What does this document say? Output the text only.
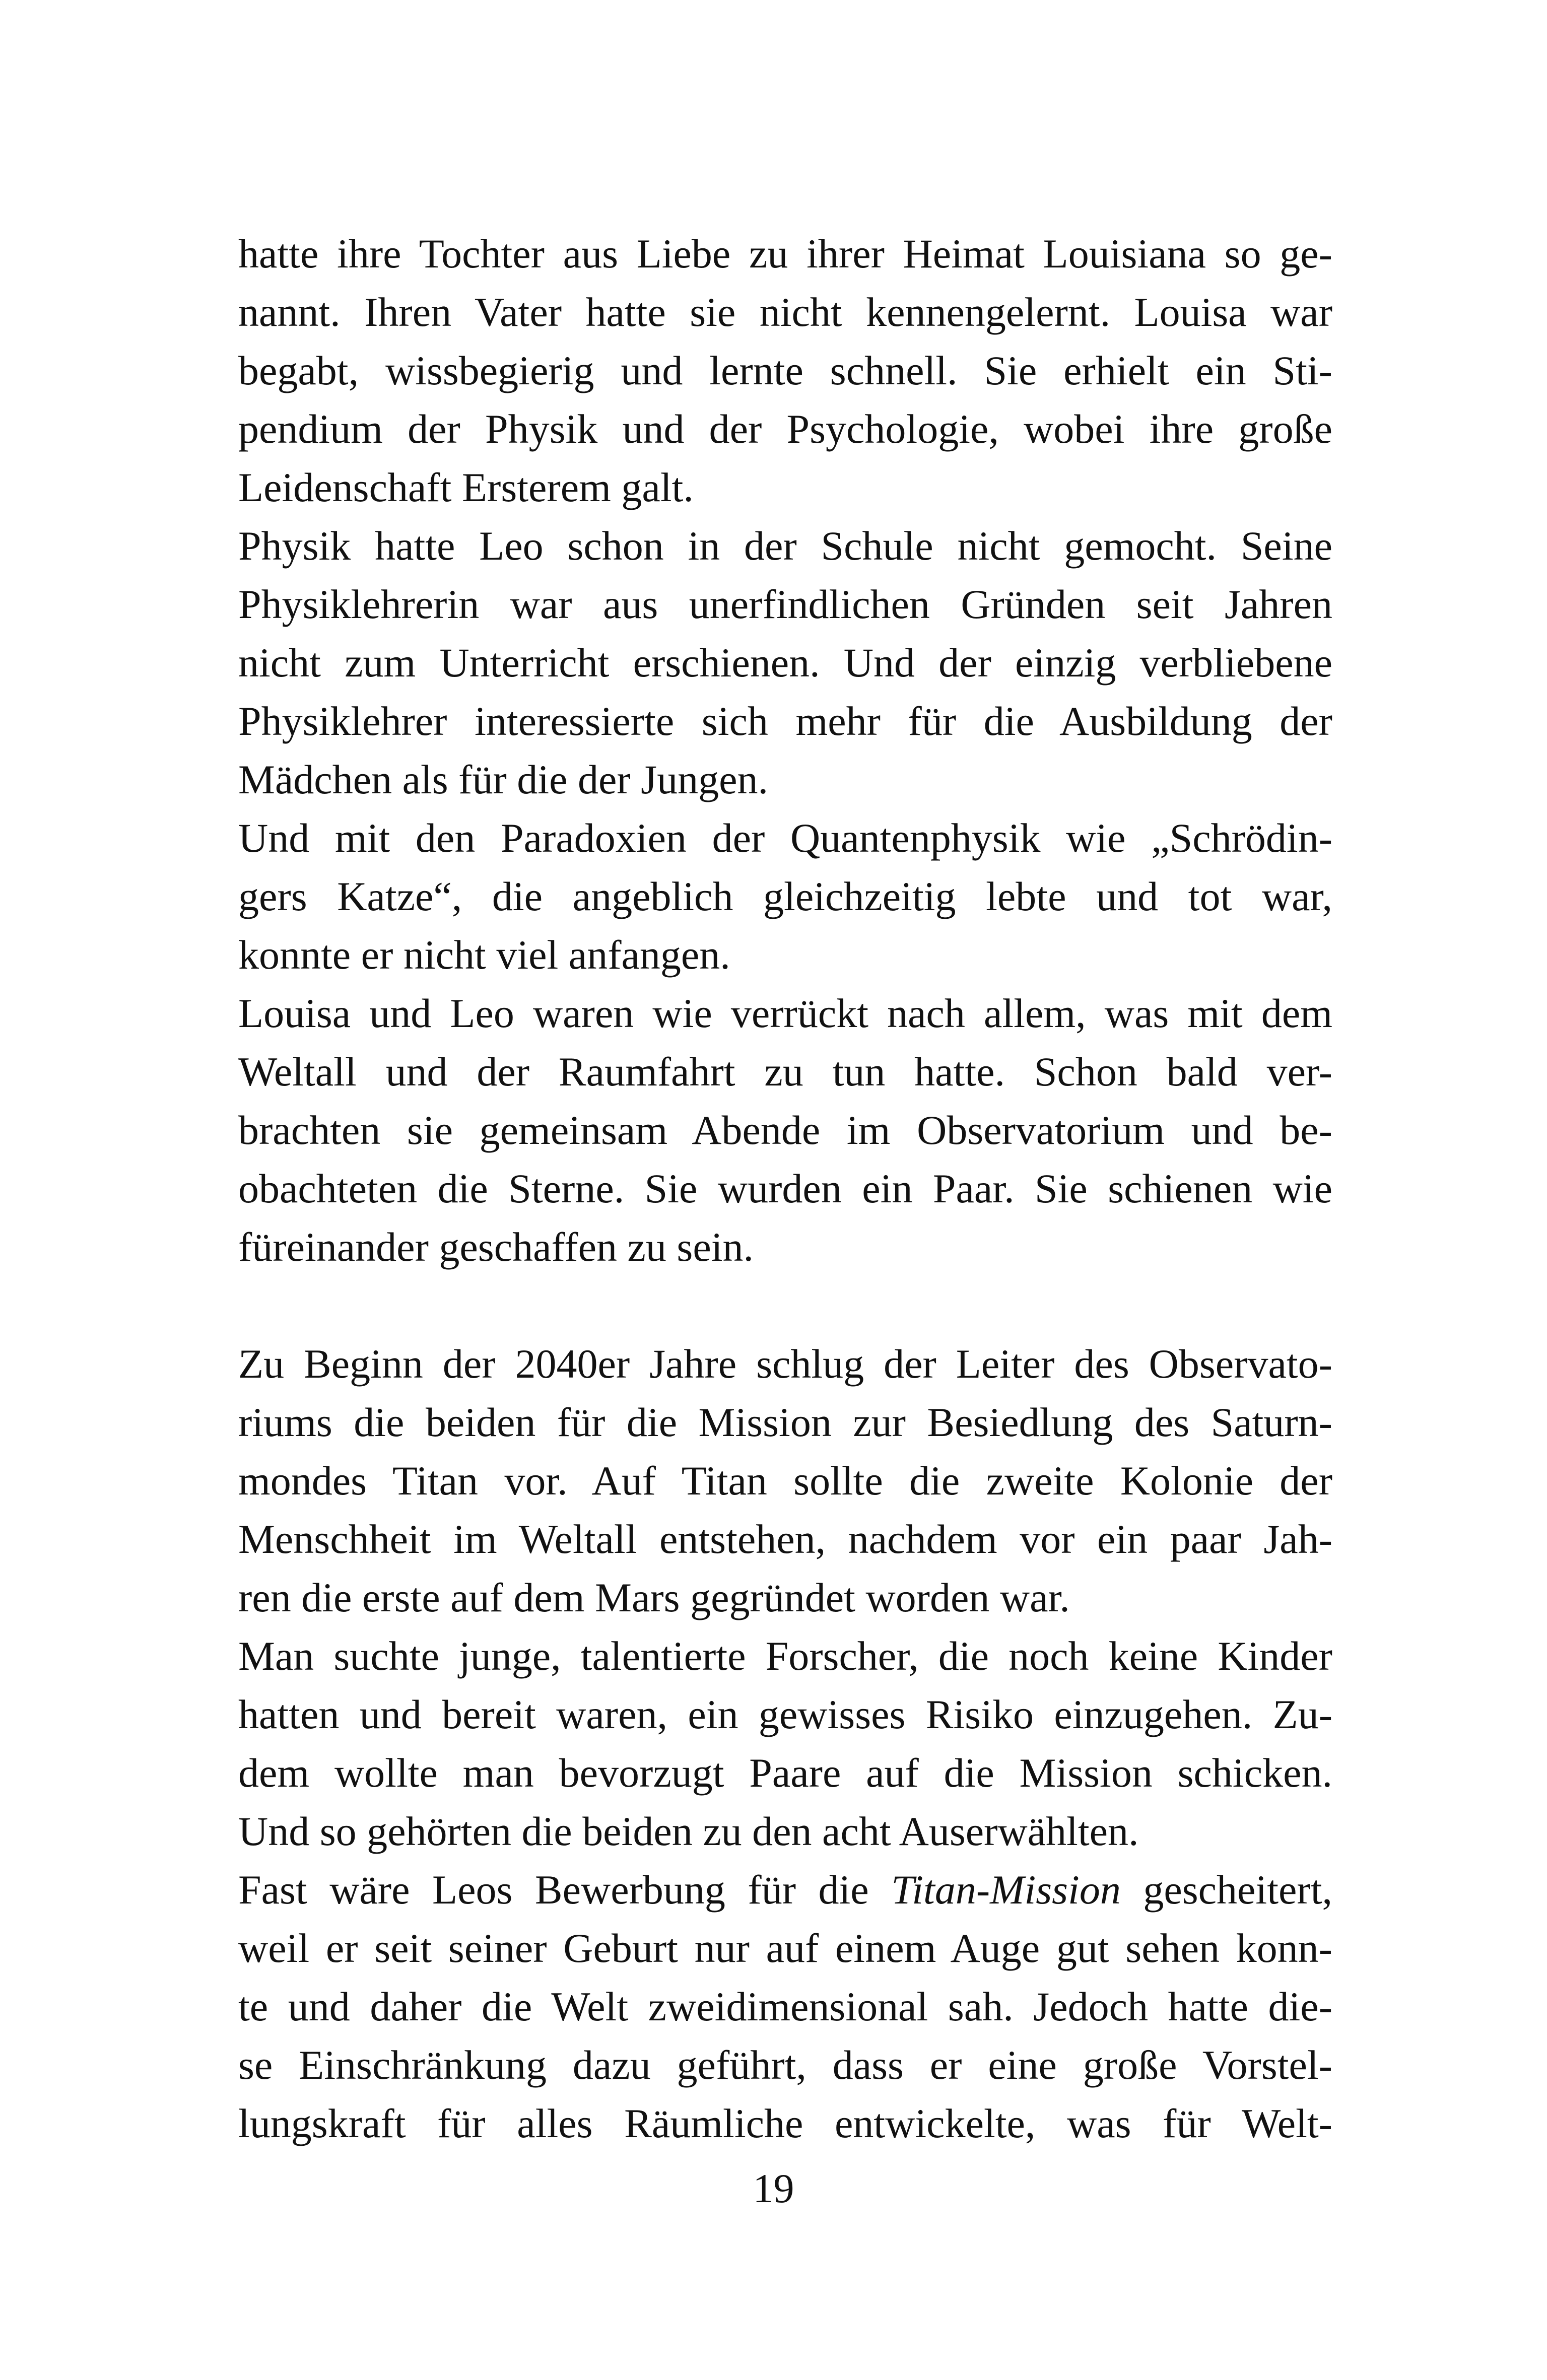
hatte ihre Tochter aus Liebe zu ihrer Heimat Louisiana so ge-
nannt. Ihren Vater hatte sie nicht kennengelernt. Louisa war
begabt, wissbegierig und lernte schnell. Sie erhielt ein Sti-
pendium der Physik und der Psychologie, wobei ihre große
Leidenschaft Ersterem galt.
Physik hatte Leo schon in der Schule nicht gemocht. Seine
Physiklehrerin war aus unerfindlichen Gründen seit Jahren
nicht zum Unterricht erschienen. Und der einzig verbliebene
Physiklehrer interessierte sich mehr für die Ausbildung der
Mädchen als für die der Jungen.
Und mit den Paradoxien der Quantenphysik wie „Schrödin-
gers Katze“, die angeblich gleichzeitig lebte und tot war,
konnte er nicht viel anfangen.
Louisa und Leo waren wie verrückt nach allem, was mit dem
Weltall und der Raumfahrt zu tun hatte. Schon bald ver-
brachten sie gemeinsam Abende im Observatorium und be-
obachteten die Sterne. Sie wurden ein Paar. Sie schienen wie
füreinander geschaffen zu sein.
Zu Beginn der 2040er Jahre schlug der Leiter des Observato-
riums die beiden für die Mission zur Besiedlung des Saturn-
mondes Titan vor. Auf Titan sollte die zweite Kolonie der
Menschheit im Weltall entstehen, nachdem vor ein paar Jah-
ren die erste auf dem Mars gegründet worden war.
Man suchte junge, talentierte Forscher, die noch keine Kinder
hatten und bereit waren, ein gewisses Risiko einzugehen. Zu-
dem wollte man bevorzugt Paare auf die Mission schicken.
Und so gehörten die beiden zu den acht Auserwählten.
Fast wäre Leos Bewerbung für die Titan-Mission gescheitert,
weil er seit seiner Geburt nur auf einem Auge gut sehen konn-
te und daher die Welt zweidimensional sah. Jedoch hatte die-
se Einschränkung dazu geführt, dass er eine große Vorstel-
lungskraft für alles Räumliche entwickelte, was für Welt-
19
